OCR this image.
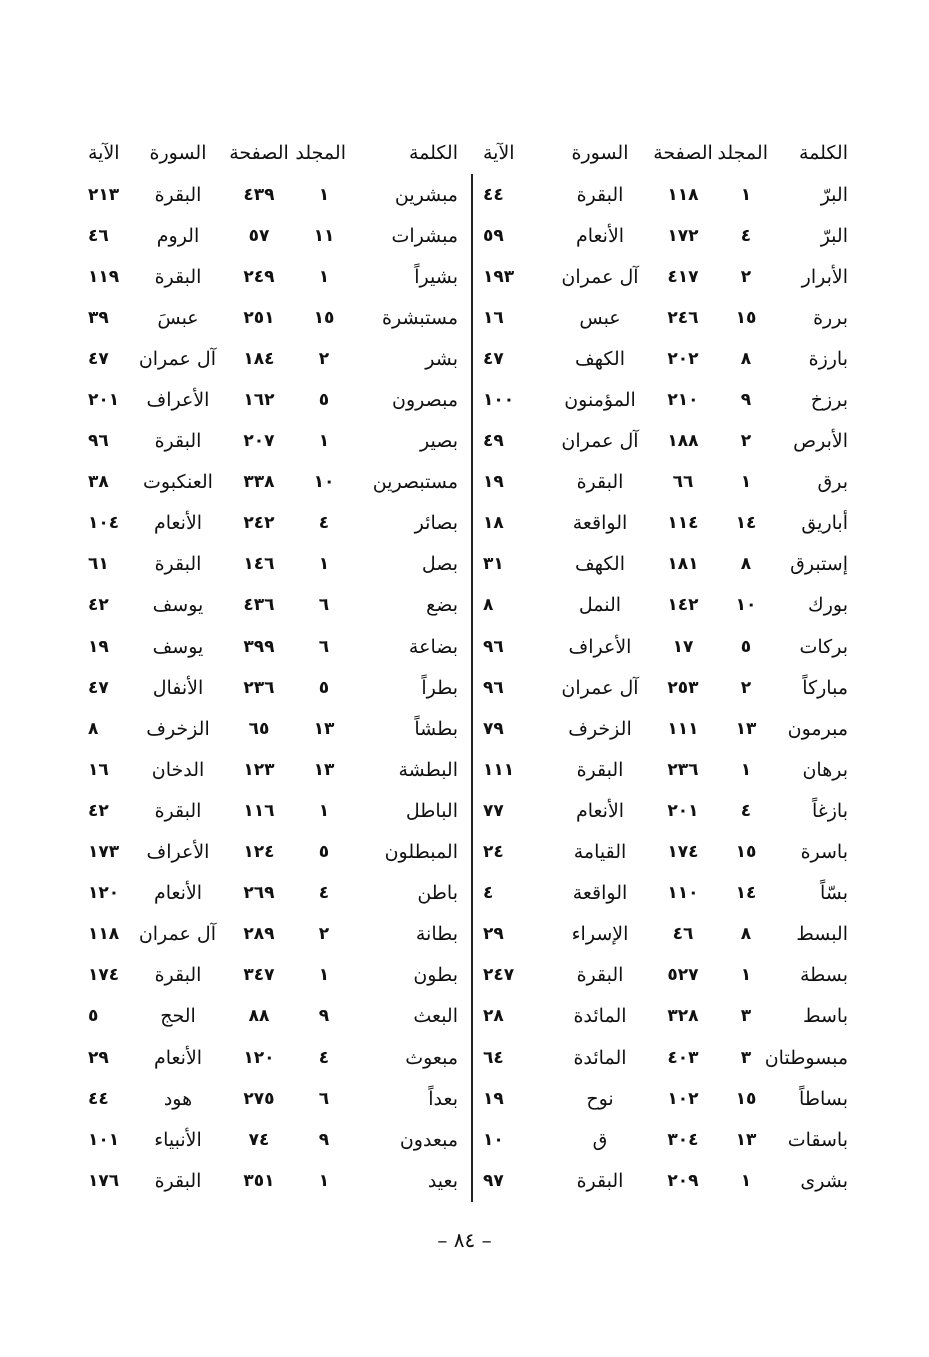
الكلمة	المجلد	الصفحة	السورة	الآية
البرّ	١	١١٨	البقرة	٤٤
البرّ	٤	١٧٢	الأنعام	٥٩
الأبرار	٢	٤١٧	آل عمران	١٩٣
بررة	١٥	٢٤٦	عبس	١٦
بارزة	٨	٢٠٢	الكهف	٤٧
برزخ	٩	٢١٠	المؤمنون	١٠٠
الأبرص	٢	١٨٨	آل عمران	٤٩
برق	١	٦٦	البقرة	١٩
أباريق	١٤	١١٤	الواقعة	١٨
إستبرق	٨	١٨١	الكهف	٣١
بورك	١٠	١٤٢	النمل	٨
بركات	٥	١٧	الأعراف	٩٦
مباركاً	٢	٢٥٣	آل عمران	٩٦
مبرمون	١٣	١١١	الزخرف	٧٩
برهان	١	٢٣٦	البقرة	١١١
بازغاً	٤	٢٠١	الأنعام	٧٧
باسرة	١٥	١٧٤	القيامة	٢٤
بسّاً	١٤	١١٠	الواقعة	٤
البسط	٨	٤٦	الإسراء	٢٩
بسطة	١	٥٢٧	البقرة	٢٤٧
باسط	٣	٣٢٨	المائدة	٢٨
مبسوطتان	٣	٤٠٣	المائدة	٦٤
بساطاً	١٥	١٠٢	نوح	١٩
باسقات	١٣	٣٠٤	ق	١٠
بشرى	١	٢٠٩	البقرة	٩٧
الكلمة	المجلد	الصفحة	السورة	الآية
مبشرين	١	٤٣٩	البقرة	٢١٣
مبشرات	١١	٥٧	الروم	٤٦
بشيراً	١	٢٤٩	البقرة	١١٩
مستبشرة	١٥	٢٥١	عبسَ	٣٩
بشر	٢	١٨٤	آل عمران	٤٧
مبصرون	٥	١٦٢	الأعراف	٢٠١
بصير	١	٢٠٧	البقرة	٩٦
مستبصرين	١٠	٣٣٨	العنكبوت	٣٨
بصائر	٤	٢٤٢	الأنعام	١٠٤
بصل	١	١٤٦	البقرة	٦١
بضع	٦	٤٣٦	يوسف	٤٢
بضاعة	٦	٣٩٩	يوسف	١٩
بطراً	٥	٢٣٦	الأنفال	٤٧
بطشاً	١٣	٦٥	الزخرف	٨
البطشة	١٣	١٢٣	الدخان	١٦
الباطل	١	١١٦	البقرة	٤٢
المبطلون	٥	١٢٤	الأعراف	١٧٣
باطن	٤	٢٦٩	الأنعام	١٢٠
بطانة	٢	٢٨٩	آل عمران	١١٨
بطون	١	٣٤٧	البقرة	١٧٤
البعث	٩	٨٨	الحج	٥
مبعوث	٤	١٢٠	الأنعام	٢٩
بعداً	٦	٢٧٥	هود	٤٤
مبعدون	٩	٧٤	الأنبياء	١٠١
بعيد	١	٣٥١	البقرة	١٧٦
– ٨٤ –
